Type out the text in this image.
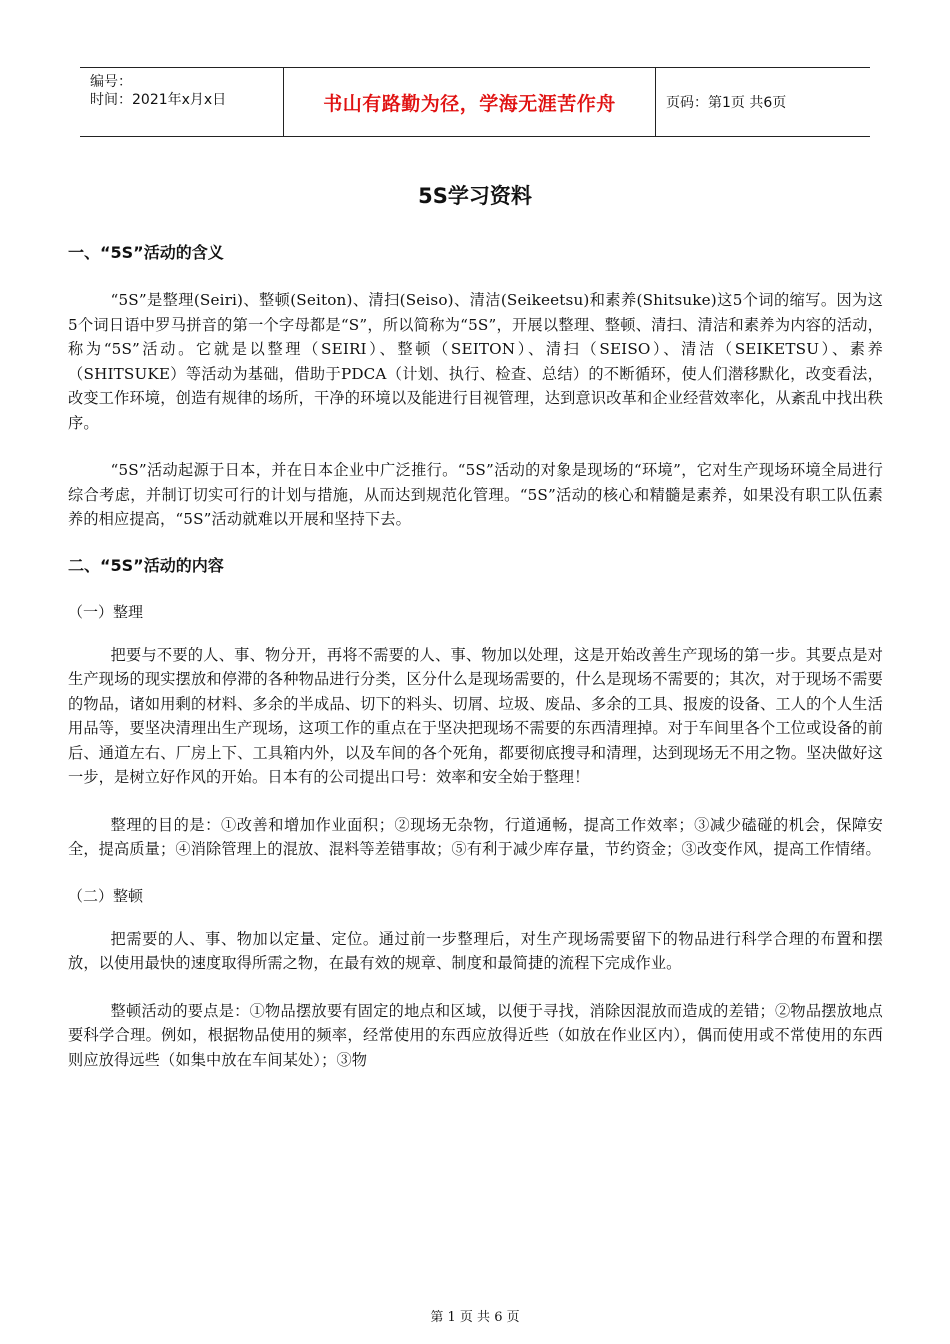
编号：
时间：2021年x月x日	书山有路勤为径，学海无涯苦作舟	页码：第1页 共6页
5S学习资料
一、“5S”活动的含义

“5S”是整理(Seiri)、整顿(Seiton)、清扫(Seiso)、清洁(Seikeetsu)和素养(Shitsuke)这5个词的缩写。因为这5个词日语中罗马拼音的第一个字母都是“S”，所以简称为“5S”，开展以整理、整顿、清扫、清洁和素养为内容的活动，称为“5S”活动。它就是以整理（SEIRI）、整顿（SEITON）、清扫（SEISO）、清洁（SEIKETSU）、素养（SHITSUKE）等活动为基础，借助于PDCA（计划、执行、检查、总结）的不断循环，使人们潜移默化，改变看法，改变工作环境，创造有规律的场所，干净的环境以及能进行目视管理，达到意识改革和企业经营效率化，从紊乱中找出秩序。

“5S”活动起源于日本，并在日本企业中广泛推行。“5S”活动的对象是现场的“环境”，它对生产现场环境全局进行综合考虑，并制订切实可行的计划与措施，从而达到规范化管理。“5S”活动的核心和精髓是素养，如果没有职工队伍素养的相应提高，“5S”活动就难以开展和坚持下去。

二、“5S”活动的内容
（一）整理

把要与不要的人、事、物分开，再将不需要的人、事、物加以处理，这是开始改善生产现场的第一步。其要点是对生产现场的现实摆放和停滞的各种物品进行分类，区分什么是现场需要的，什么是现场不需要的；其次，对于现场不需要的物品，诸如用剩的材料、多余的半成品、切下的料头、切屑、垃圾、废品、多余的工具、报废的设备、工人的个人生活用品等，要坚决清理出生产现场，这项工作的重点在于坚决把现场不需要的东西清理掉。对于车间里各个工位或设备的前后、通道左右、厂房上下、工具箱内外，以及车间的各个死角，都要彻底搜寻和清理，达到现场无不用之物。坚决做好这一步，是树立好作风的开始。日本有的公司提出口号：效率和安全始于整理！

整理的目的是：①改善和增加作业面积；②现场无杂物，行道通畅，提高工作效率；③减少磕碰的机会，保障安全，提高质量；④消除管理上的混放、混料等差错事故；⑤有利于减少库存量，节约资金；③改变作风，提高工作情绪。

（二）整顿

把需要的人、事、物加以定量、定位。通过前一步整理后，对生产现场需要留下的物品进行科学合理的布置和摆放，以使用最快的速度取得所需之物，在最有效的规章、制度和最简捷的流程下完成作业。

整顿活动的要点是：①物品摆放要有固定的地点和区域，以便于寻找，消除因混放而造成的差错；②物品摆放地点要科学合理。例如，根据物品使用的频率，经常使用的东西应放得近些（如放在作业区内），偶而使用或不常使用的东西则应放得远些（如集中放在车间某处）；③物

第 1 页 共 6 页
